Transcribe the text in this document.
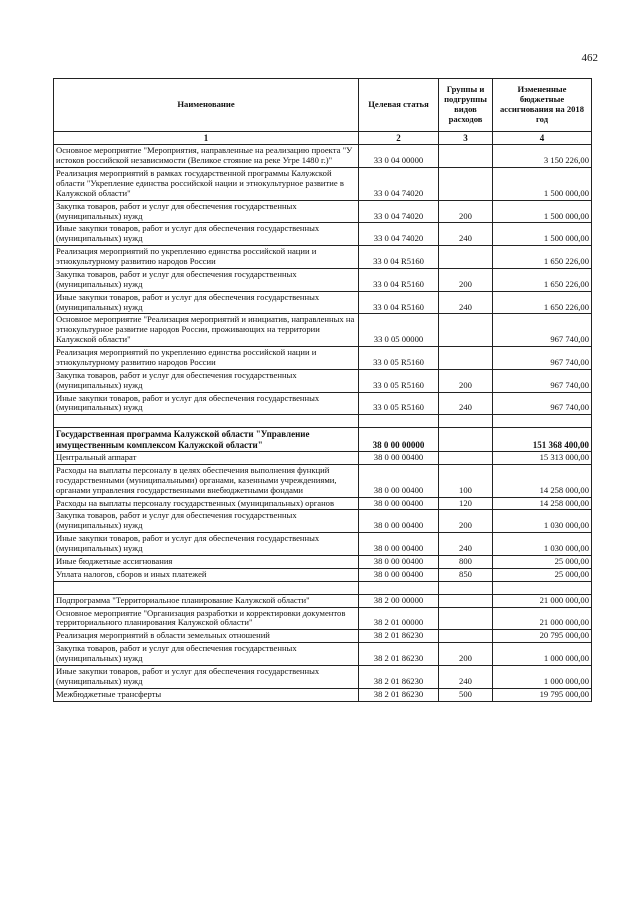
462
Наименование	Целевая статья	Группы и подгруппы видов расходов	Измененные бюджетные ассигнования на 2018 год
1	2	3	4
Основное мероприятие "Мероприятия, направленные на реализацию проекта "У истоков российской независимости (Великое стояние на реке Угре 1480 г.)"	33 0 04 00000		3 150 226,00
Реализация мероприятий в рамках государственной программы Калужской области "Укрепление единства российской нации и этнокультурное развитие в Калужской области"	33 0 04 74020		1 500 000,00
Закупка товаров, работ и услуг для обеспечения государственных (муниципальных) нужд	33 0 04 74020	200	1 500 000,00
Иные закупки товаров, работ и услуг для обеспечения государственных (муниципальных) нужд	33 0 04 74020	240	1 500 000,00
Реализация мероприятий по укреплению единства российской нации и этнокультурному развитию народов России	33 0 04 R5160		1 650 226,00
Закупка товаров, работ и услуг для обеспечения государственных (муниципальных) нужд	33 0 04 R5160	200	1 650 226,00
Иные закупки товаров, работ и услуг для обеспечения государственных (муниципальных) нужд	33 0 04 R5160	240	1 650 226,00
Основное мероприятие "Реализация мероприятий и инициатив, направленных на этнокультурное развитие народов России, проживающих на территории Калужской области"	33 0 05 00000		967 740,00
Реализация мероприятий по укреплению единства российской нации и этнокультурному развитию народов России	33 0 05 R5160		967 740,00
Закупка товаров, работ и услуг для обеспечения государственных (муниципальных) нужд	33 0 05 R5160	200	967 740,00
Иные закупки товаров, работ и услуг для обеспечения государственных (муниципальных) нужд	33 0 05 R5160	240	967 740,00

Государственная программа Калужской области "Управление имущественным комплексом Калужской области"	38 0 00 00000		151 368 400,00
Центральный аппарат	38 0 00 00400		15 313 000,00
Расходы на выплаты персоналу в целях обеспечения выполнения функций государственными (муниципальными) органами, казенными учреждениями, органами управления государственными внебюджетными фондами	38 0 00 00400	100	14 258 000,00
Расходы на выплаты персоналу государственных (муниципальных) органов	38 0 00 00400	120	14 258 000,00
Закупка товаров, работ и услуг для обеспечения государственных (муниципальных) нужд	38 0 00 00400	200	1 030 000,00
Иные закупки товаров, работ и услуг для обеспечения государственных (муниципальных) нужд	38 0 00 00400	240	1 030 000,00
Иные бюджетные ассигнования	38 0 00 00400	800	25 000,00
Уплата налогов, сборов и иных платежей	38 0 00 00400	850	25 000,00

Подпрограмма "Территориальное планирование Калужской области"	38 2 00 00000		21 000 000,00
Основное мероприятие "Организация разработки и корректировки документов территориального планирования Калужской области"	38 2 01 00000		21 000 000,00
Реализация мероприятий в области земельных отношений	38 2 01 86230		20 795 000,00
Закупка товаров, работ и услуг для обеспечения государственных (муниципальных) нужд	38 2 01 86230	200	1 000 000,00
Иные закупки товаров, работ и услуг для обеспечения государственных (муниципальных) нужд	38 2 01 86230	240	1 000 000,00
Межбюджетные трансферты	38 2 01 86230	500	19 795 000,00
